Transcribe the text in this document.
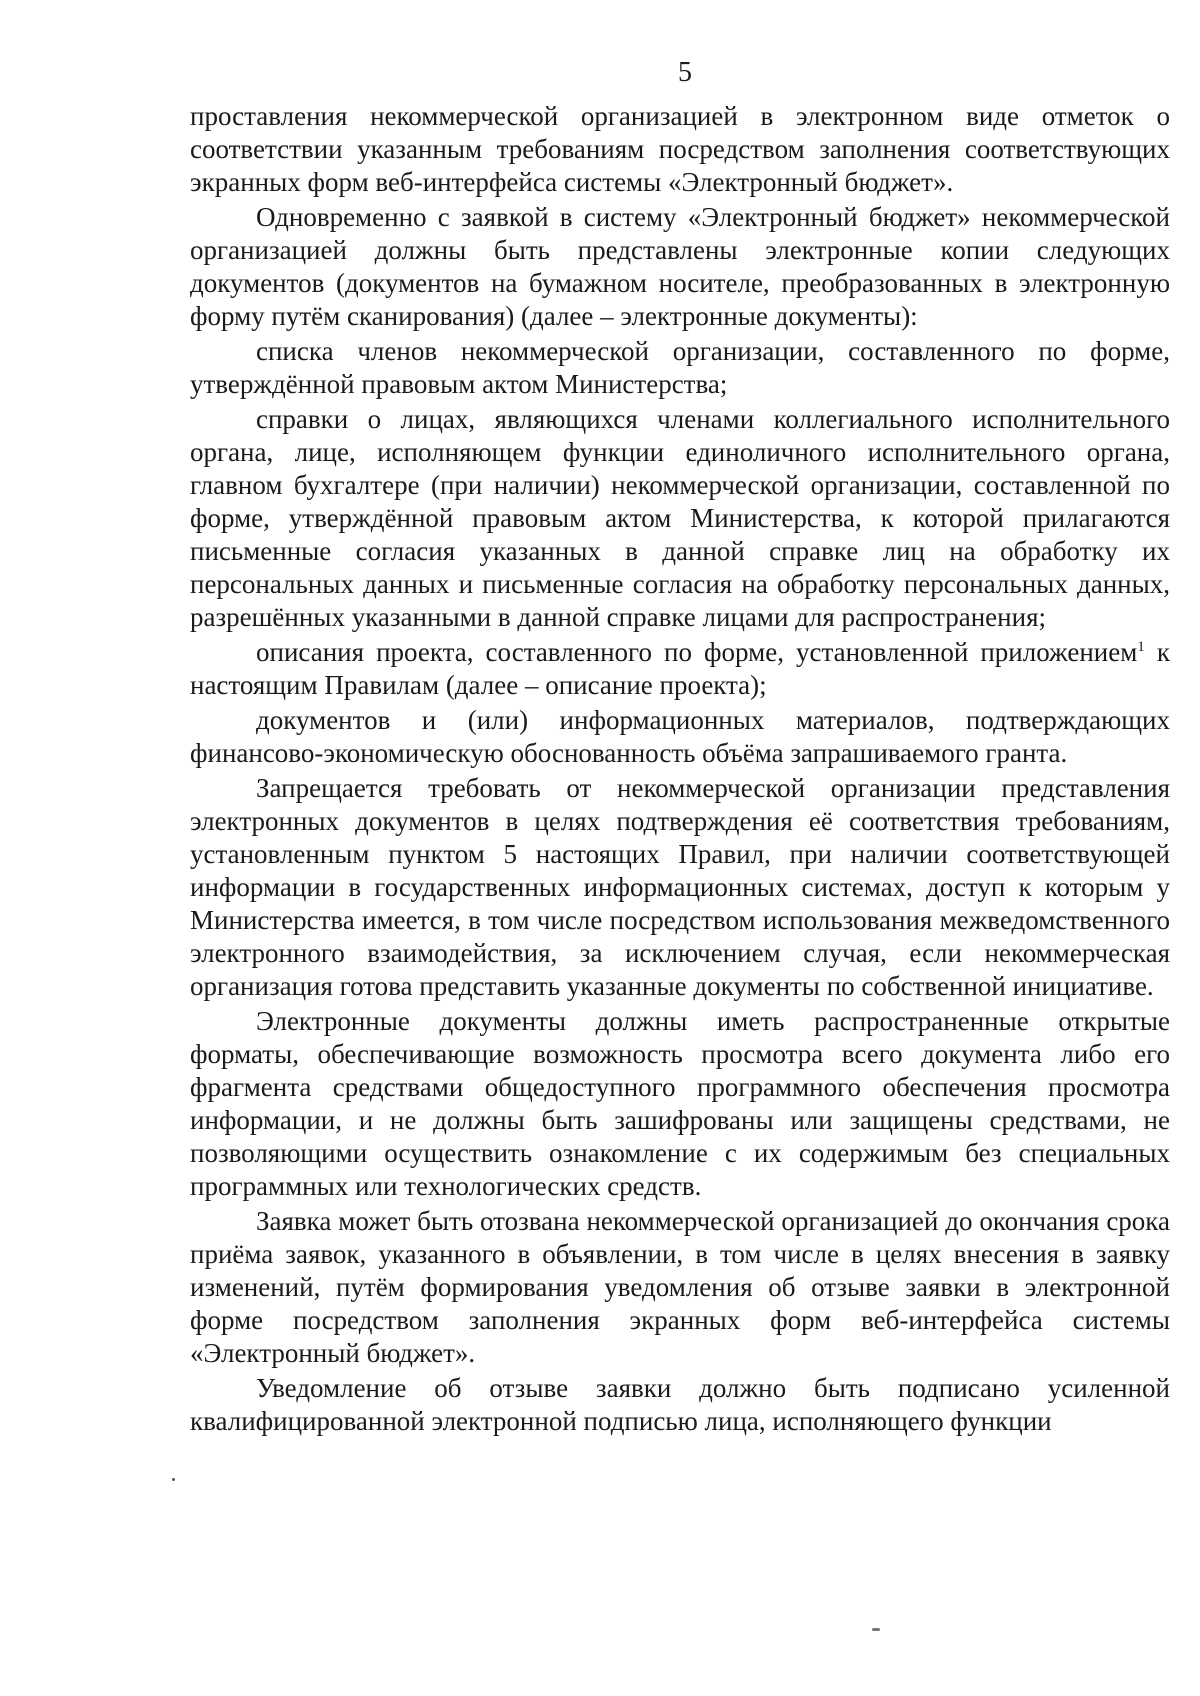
5

проставления некоммерческой организацией в электронном виде отметок о соответствии указанным требованиям посредством заполнения соответствующих экранных форм веб-интерфейса системы «Электронный бюджет».

Одновременно с заявкой в систему «Электронный бюджет» некоммерческой организацией должны быть представлены электронные копии следующих документов (документов на бумажном носителе, преобразованных в электронную форму путём сканирования) (далее – электронные документы):

списка членов некоммерческой организации, составленного по форме, утверждённой правовым актом Министерства;

справки о лицах, являющихся членами коллегиального исполнительного органа, лице, исполняющем функции единоличного исполнительного органа, главном бухгалтере (при наличии) некоммерческой организации, составленной по форме, утверждённой правовым актом Министерства, к которой прилагаются письменные согласия указанных в данной справке лиц на обработку их персональных данных и письменные согласия на обработку персональных данных, разрешённых указанными в данной справке лицами для распространения;

описания проекта, составленного по форме, установленной приложением$^1$ к настоящим Правилам (далее – описание проекта);

документов и (или) информационных материалов, подтверждающих финансово-экономическую обоснованность объёма запрашиваемого гранта.

Запрещается требовать от некоммерческой организации представления электронных документов в целях подтверждения её соответствия требованиям, установленным пунктом 5 настоящих Правил, при наличии соответствующей информации в государственных информационных системах, доступ к которым у Министерства имеется, в том числе посредством использования межведомственного электронного взаимодействия, за исключением случая, если некоммерческая организация готова представить указанные документы по собственной инициативе.

Электронные документы должны иметь распространенные открытые форматы, обеспечивающие возможность просмотра всего документа либо его фрагмента средствами общедоступного программного обеспечения просмотра информации, и не должны быть зашифрованы или защищены средствами, не позволяющими осуществить ознакомление с их содержимым без специальных программных или технологических средств.

Заявка может быть отозвана некоммерческой организацией до окончания срока приёма заявок, указанного в объявлении, в том числе в целях внесения в заявку изменений, путём формирования уведомления об отзыве заявки в электронной форме посредством заполнения экранных форм веб-интерфейса системы «Электронный бюджет».

Уведомление об отзыве заявки должно быть подписано усиленной квалифицированной электронной подписью лица, исполняющего функции
